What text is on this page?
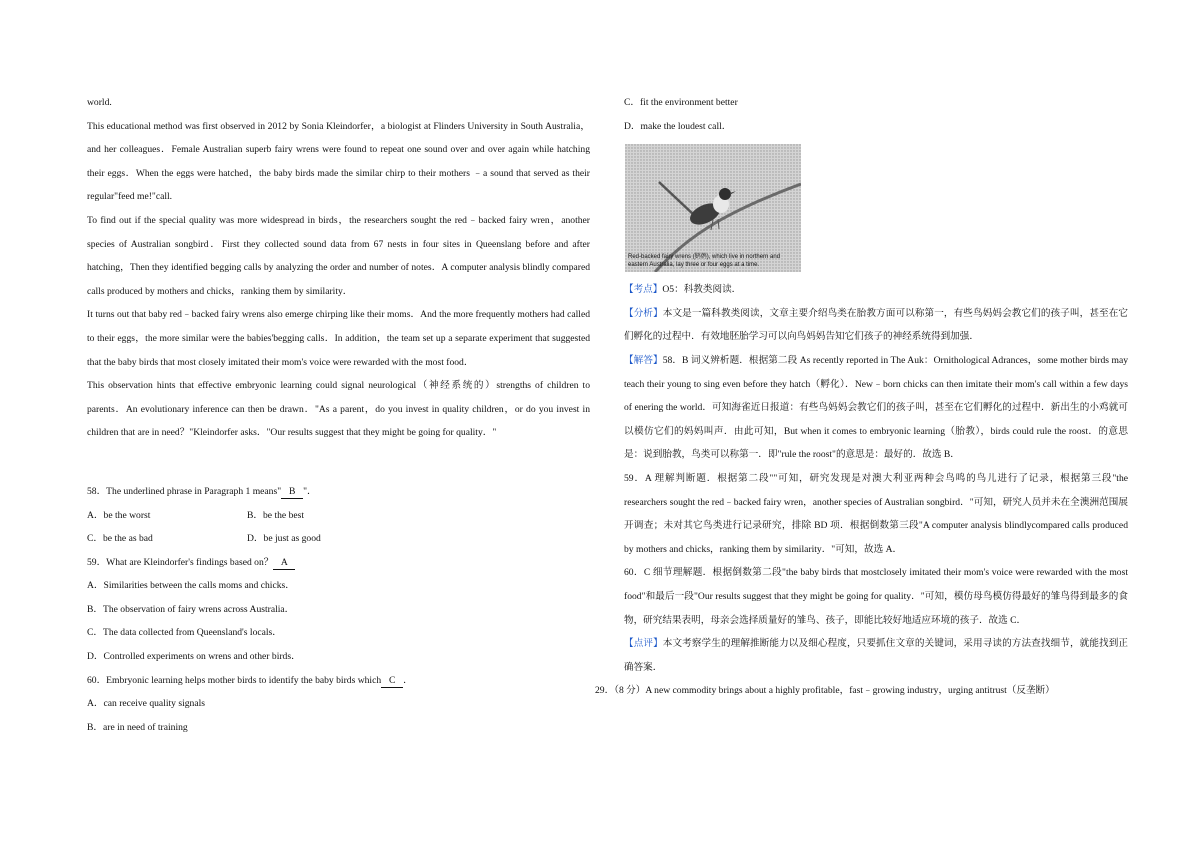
world.

This educational method was first observed in 2012 by Sonia Kleindorfer，a biologist at Flinders University in South Australia，and her colleagues．Female Australian superb fairy wrens were found to repeat one sound over and over again while hatching their eggs．When the eggs were hatched，the baby birds made the similar chirp to their mothers ﹣a sound that served as their regular"feed me!"call.

To find out if the special quality was more widespread in birds，the researchers sought the red﹣backed fairy wren，another species of Australian songbird．First they collected sound data from 67 nests in four sites in Queenslang before and after hatching，Then they identified begging calls by analyzing the order and number of notes．A computer analysis blindly compared calls produced by mothers and chicks，ranking them by similarity．

It turns out that baby red﹣backed fairy wrens also emerge chirping like their moms．And the more frequently mothers had called to their eggs，the more similar were the babies'begging calls．In addition，the team set up a separate experiment that suggested that the baby birds that most closely imitated their mom's voice were rewarded with the most food．

This observation hints that effective embryonic learning could signal neurological（神经系统的）strengths of children to parents．An evolutionary inference can then be drawn．"As a parent，do you invest in quality children，or do you invest in children that are in need？"Kleindorfer asks．"Our results suggest that they might be going for quality．"

58．The underlined phrase in Paragraph 1 means" B "．

A．be the worst	B．be the best
C．be the as bad	D．be just as good

59．What are Kleindorfer's findings based on？ A

A．Similarities between the calls moms and chicks．

B．The observation of fairy wrens across Australia．

C．The data collected from Queensland's locals．

D．Controlled experiments on wrens and other birds．

60．Embryonic learning helps mother birds to identify the baby birds which C ．

A．can receive quality signals

B．are in need of training

C．fit the environment better

D．make the loudest call．

Red-backed fairy wrens (鹪鹩), which live in northern and
eastern Australia, lay three or four eggs at a time.

【考点】O5：科教类阅读．

【分析】本文是一篇科教类阅读，文章主要介绍鸟类在胎教方面可以称第一，有些鸟妈妈会教它们的孩子叫，甚至在它们孵化的过程中．有效地胚胎学习可以向鸟妈妈告知它们孩子的神经系统得到加强．

【解答】58．B 词义辨析题．根据第二段 As recently reported in The Auk：Ornithological Adrances，some mother birds may teach their young to sing even before they hatch（孵化）．New﹣born chicks can then imitate their mom's call within a few days of enering the world．可知海雀近日报道：有些鸟妈妈会教它们的孩子叫，甚至在它们孵化的过程中．新出生的小鸡就可以模仿它们的妈妈叫声．由此可知，But when it comes to embryonic learning（胎教），birds could rule the roost．的意思是：说到胎教，鸟类可以称第一．即"rule the roost"的意思是：最好的．故选 B．

59．A 理解判断题．根据第二段""可知，研究发现是对澳大利亚两种会鸟鸣的鸟儿进行了记录，根据第三段"the researchers sought the red﹣backed fairy wren，another species of Australian songbird．"可知，研究人员并未在全澳洲范围展开调查；未对其它鸟类进行记录研究，排除 BD 项．根据倒数第三段"A computer analysis blindlycompared calls produced by mothers and chicks，ranking them by similarity．"可知，故选 A．

60．C 细节理解题．根据倒数第二段"the baby birds that mostclosely imitated their mom's voice were rewarded with the most food"和最后一段"Our results suggest that they might be going for quality．"可知，模仿母鸟模仿得最好的雏鸟得到最多的食物，研究结果表明，母亲会选择质量好的雏鸟、孩子，即能比较好地适应环境的孩子．故选 C．

【点评】本文考察学生的理解推断能力以及细心程度，只要抓住文章的关键词，采用寻读的方法查找细节，就能找到正确答案．

29．（8 分）A new commodity brings about a highly profitable，fast﹣growing industry，urging antitrust（反垄断）
